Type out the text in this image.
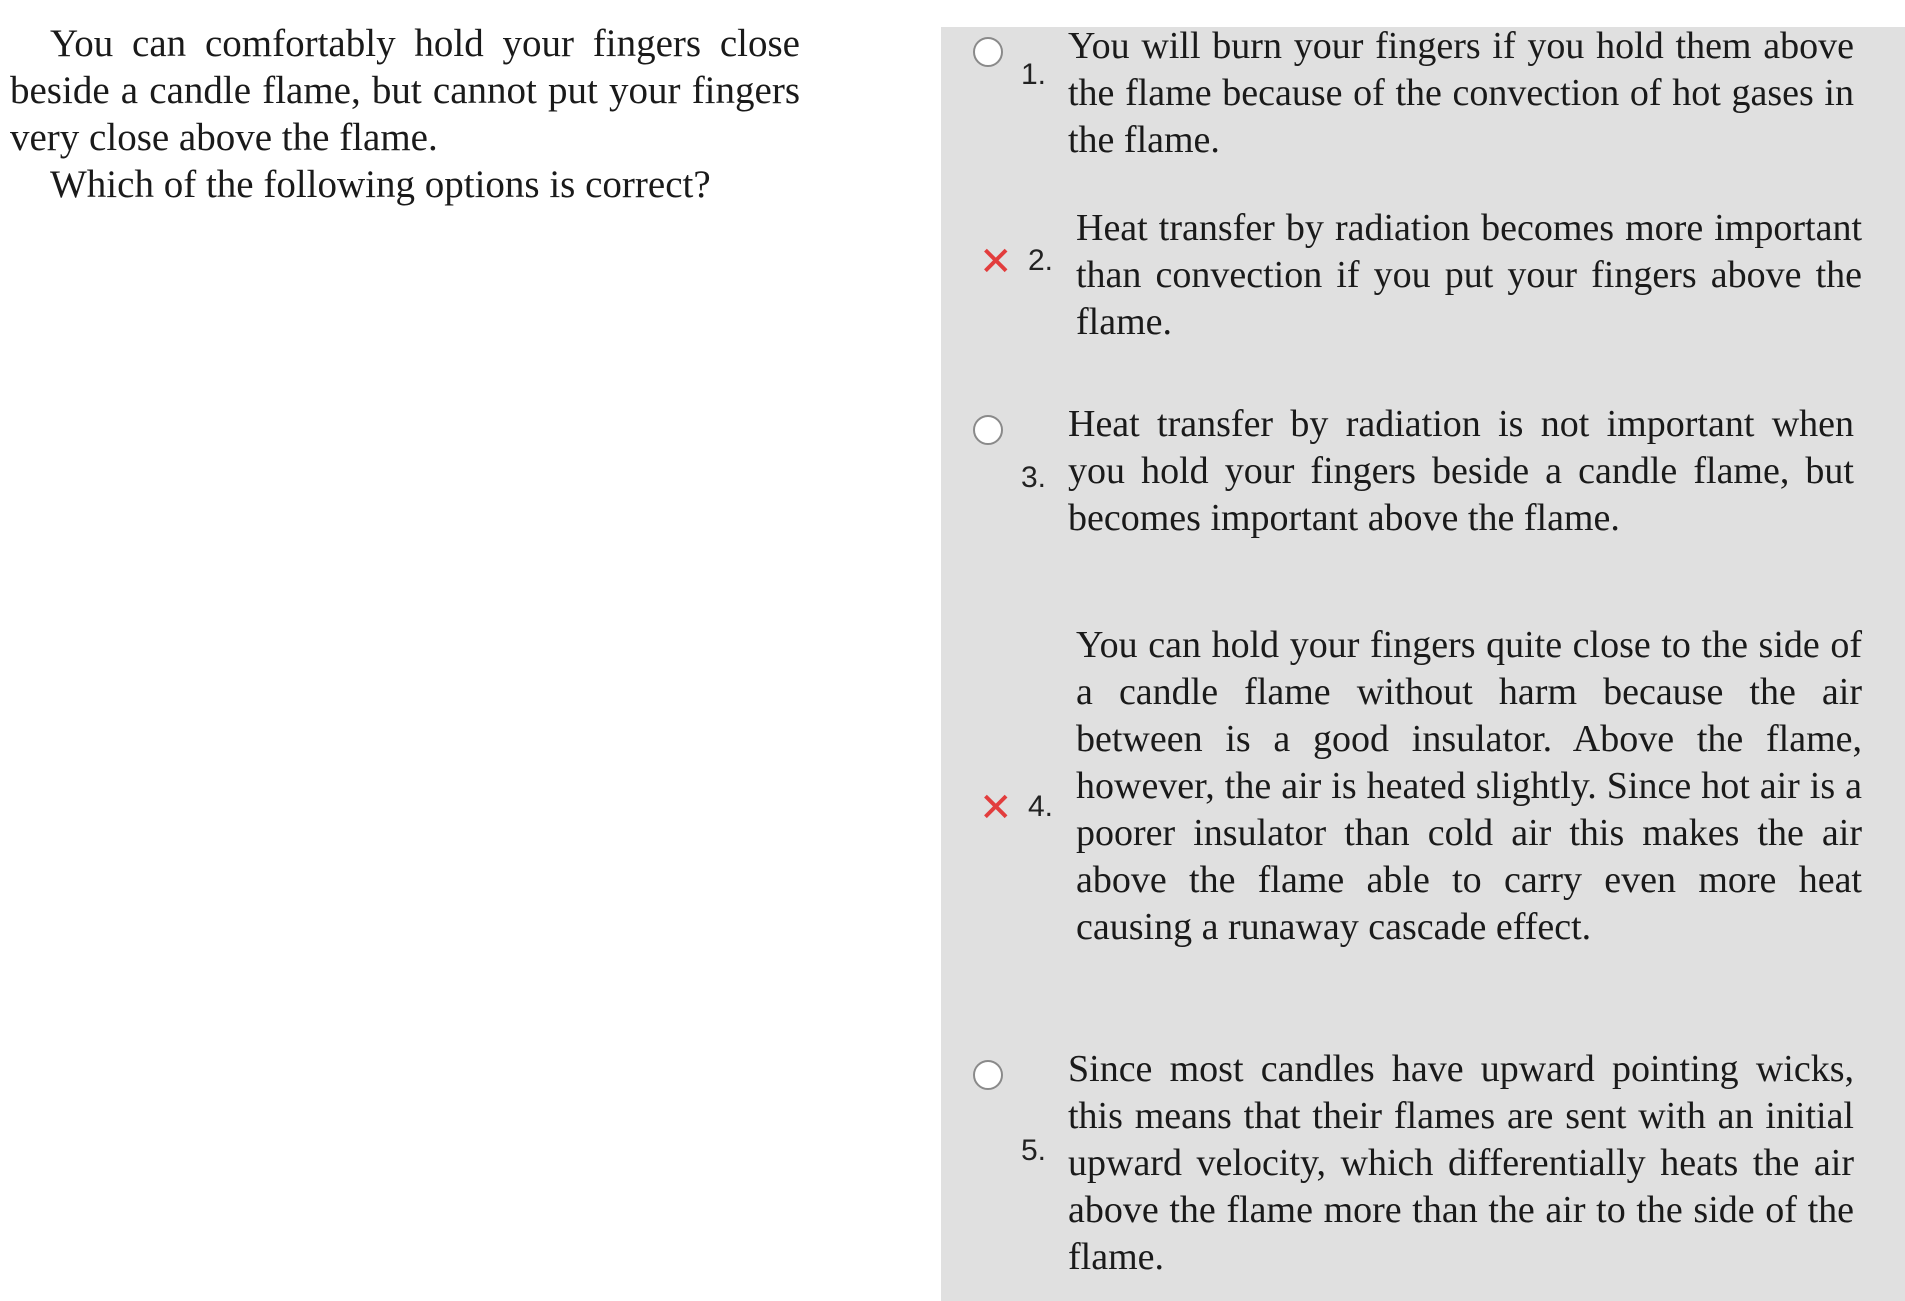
You can comfortably hold your fingers close beside a candle flame, but cannot put your fingers very close above the flame.

Which of the following options is correct?

1.
You will burn your fingers if you hold them above the flame because of the convection of hot gases in the flame.
✕ 2.
Heat transfer by radiation becomes more important than convection if you put your fingers above the flame.
3.
Heat transfer by radiation is not important when you hold your fingers beside a candle flame, but becomes important above the flame.
✕ 4.
You can hold your fingers quite close to the side of a candle flame without harm because the air between is a good insulator. Above the flame, however, the air is heated slightly. Since hot air is a poorer insulator than cold air this makes the air above the flame able to carry even more heat causing a runaway cascade effect.
5.
Since most candles have upward pointing wicks, this means that their flames are sent with an initial upward velocity, which differentially heats the air above the flame more than the air to the side of the flame.
